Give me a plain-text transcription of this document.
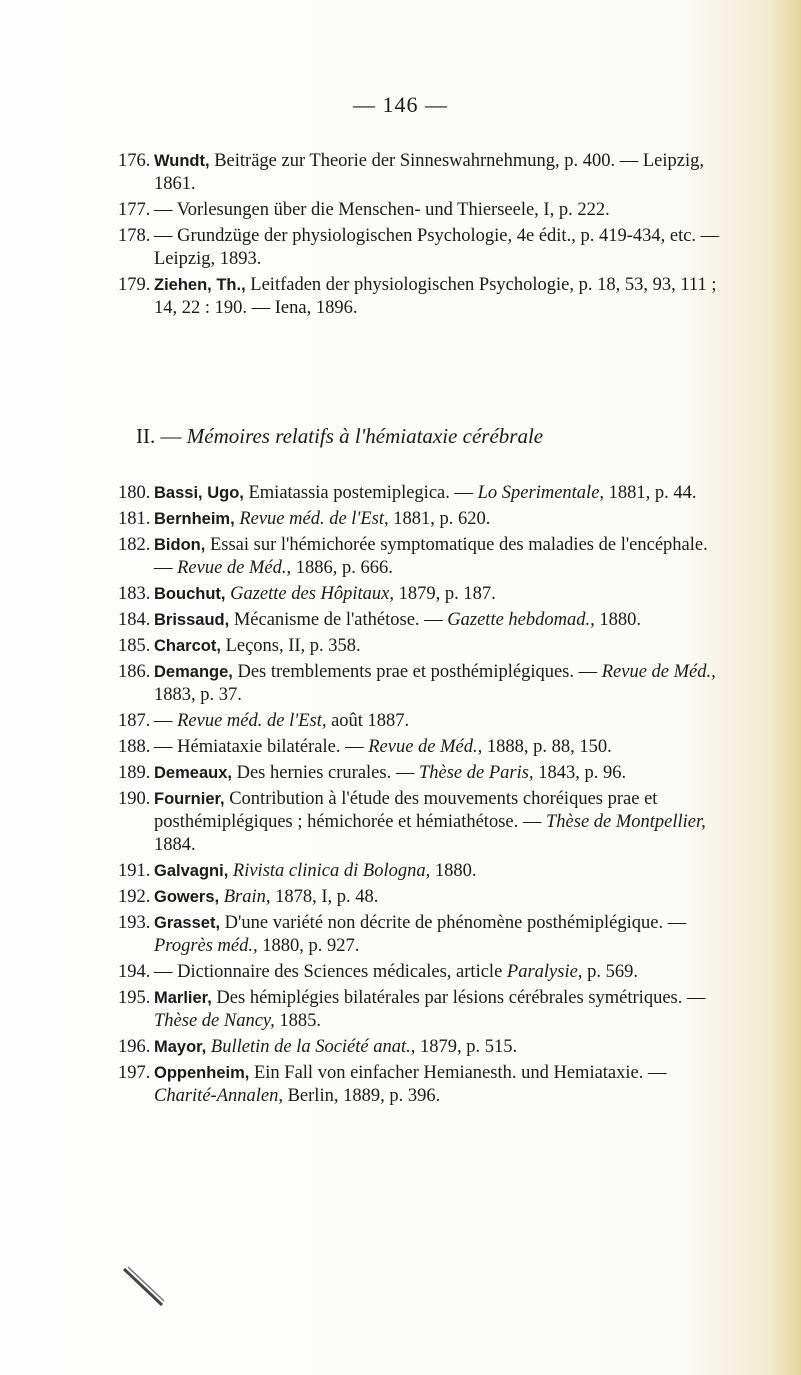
— 146 —
176. Wundt, Beiträge zur Theorie der Sinneswahrnehmung, p. 400. — Leipzig, 1861.
177. — Vorlesungen über die Menschen- und Thierseele, I, p. 222.
178. — Grundzüge der physiologischen Psychologie, 4e édit., p. 419-434, etc. — Leipzig, 1893.
179. Ziehen, Th., Leitfaden der physiologischen Psychologie, p. 18, 53, 93, 111 ; 14, 22 : 190. — Iena, 1896.
II. — Mémoires relatifs à l'hémiataxie cérébrale
180. Bassi, Ugo, Emiatassia postemiplegica. — Lo Sperimentale, 1881, p. 44.
181. Bernheim, Revue méd. de l'Est, 1881, p. 620.
182. Bidon, Essai sur l'hémichorée symptomatique des maladies de l'encéphale. — Revue de Méd., 1886, p. 666.
183. Bouchut, Gazette des Hôpitaux, 1879, p. 187.
184. Brissaud, Mécanisme de l'athétose. — Gazette hebdomad., 1880.
185. Charcot, Leçons, II, p. 358.
186. Demange, Des tremblements prae et posthémiplégiques. — Revue de Méd., 1883, p. 37.
187. — Revue méd. de l'Est, août 1887.
188. — Hémiataxie bilatérale. — Revue de Méd., 1888, p. 88, 150.
189. Demeaux, Des hernies crurales. — Thèse de Paris, 1843, p. 96.
190. Fournier, Contribution à l'étude des mouvements choréiques prae et posthémiplégiques ; hémichorée et hémiathétose. — Thèse de Montpellier, 1884.
191. Galvagni, Rivista clinica di Bologna, 1880.
192. Gowers, Brain, 1878, I, p. 48.
193. Grasset, D'une variété non décrite de phénomène posthémiplégique. — Progrès méd., 1880, p. 927.
194. — Dictionnaire des Sciences médicales, article Paralysie, p. 569.
195. Marlier, Des hémiplégies bilatérales par lésions cérébrales symétriques. — Thèse de Nancy, 1885.
196. Mayor, Bulletin de la Société anat., 1879, p. 515.
197. Oppenheim, Ein Fall von einfacher Hemianesth. und Hemiataxie. — Charité-Annalen, Berlin, 1889, p. 396.
